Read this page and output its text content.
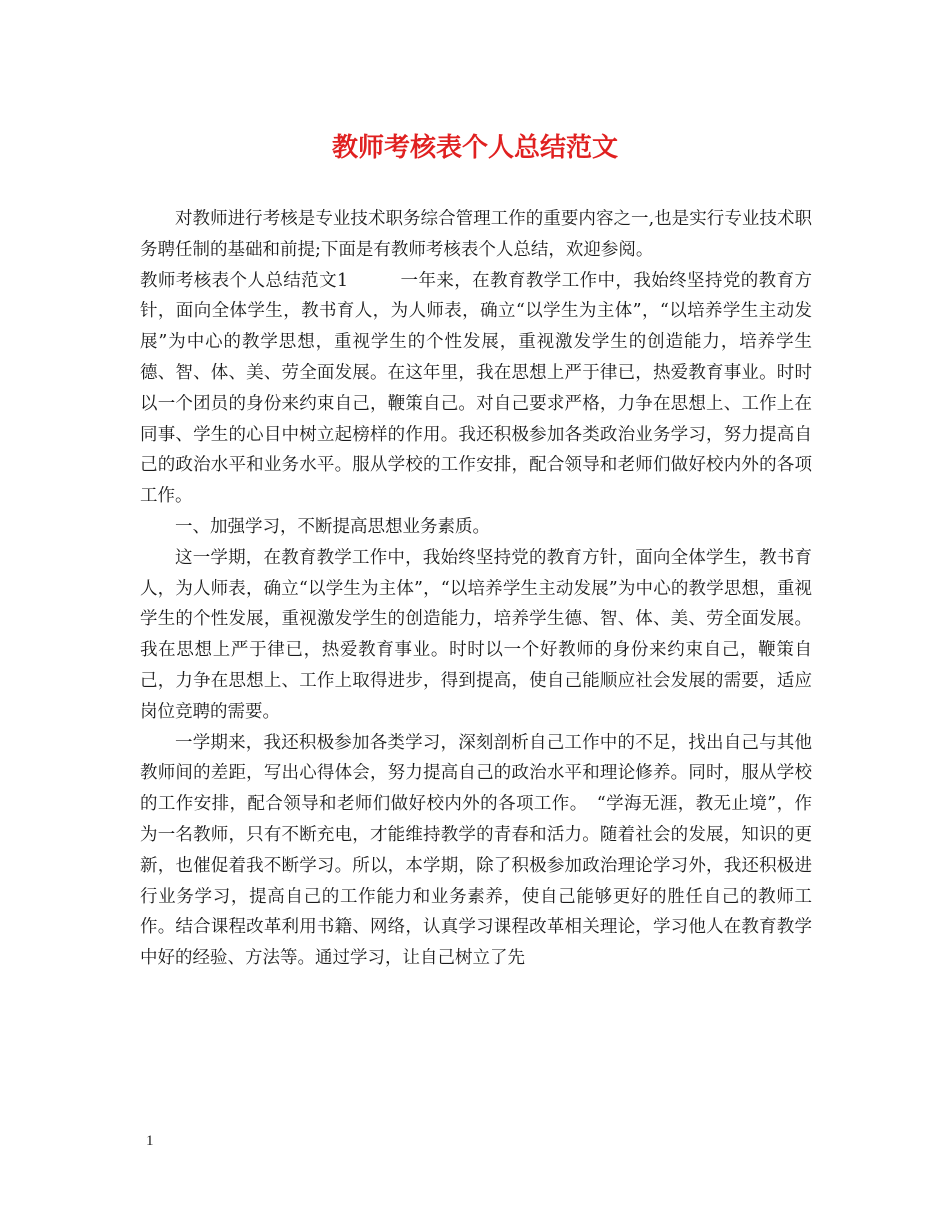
教师考核表个人总结范文

对教师进行考核是专业技术职务综合管理工作的重要内容之一,也是实行专业技术职务聘任制的基础和前提;下面是有教师考核表个人总结，欢迎参阅。

教师考核表个人总结范文1	一年来，在教育教学工作中，我始终坚持党的教育方针，面向全体学生，教书育人，为人师表，确立“以学生为主体”，“以培养学生主动发展”为中心的教学思想，重视学生的个性发展，重视激发学生的创造能力，培养学生德、智、体、美、劳全面发展。在这年里，我在思想上严于律已，热爱教育事业。时时以一个团员的身份来约束自己，鞭策自己。对自己要求严格，力争在思想上、工作上在同事、学生的心目中树立起榜样的作用。我还积极参加各类政治业务学习，努力提高自己的政治水平和业务水平。服从学校的工作安排，配合领导和老师们做好校内外的各项工作。

一、加强学习，不断提高思想业务素质。

这一学期，在教育教学工作中，我始终坚持党的教育方针，面向全体学生，教书育人，为人师表，确立“以学生为主体”，“以培养学生主动发展”为中心的教学思想，重视学生的个性发展，重视激发学生的创造能力，培养学生德、智、体、美、劳全面发展。我在思想上严于律已，热爱教育事业。时时以一个好教师的身份来约束自己，鞭策自己，力争在思想上、工作上取得进步，得到提高，使自己能顺应社会发展的需要，适应岗位竞聘的需要。

一学期来，我还积极参加各类学习，深刻剖析自己工作中的不足，找出自己与其他教师间的差距，写出心得体会，努力提高自己的政治水平和理论修养。同时，服从学校的工作安排，配合领导和老师们做好校内外的各项工作。　“学海无涯，教无止境”，作为一名教师，只有不断充电，才能维持教学的青春和活力。随着社会的发展，知识的更新，也催促着我不断学习。所以，本学期，除了积极参加政治理论学习外，我还积极进行业务学习，提高自己的工作能力和业务素养，使自己能够更好的胜任自己的教师工作。结合课程改革利用书籍、网络，认真学习课程改革相关理论，学习他人在教育教学中好的经验、方法等。通过学习，让自己树立了先

1
